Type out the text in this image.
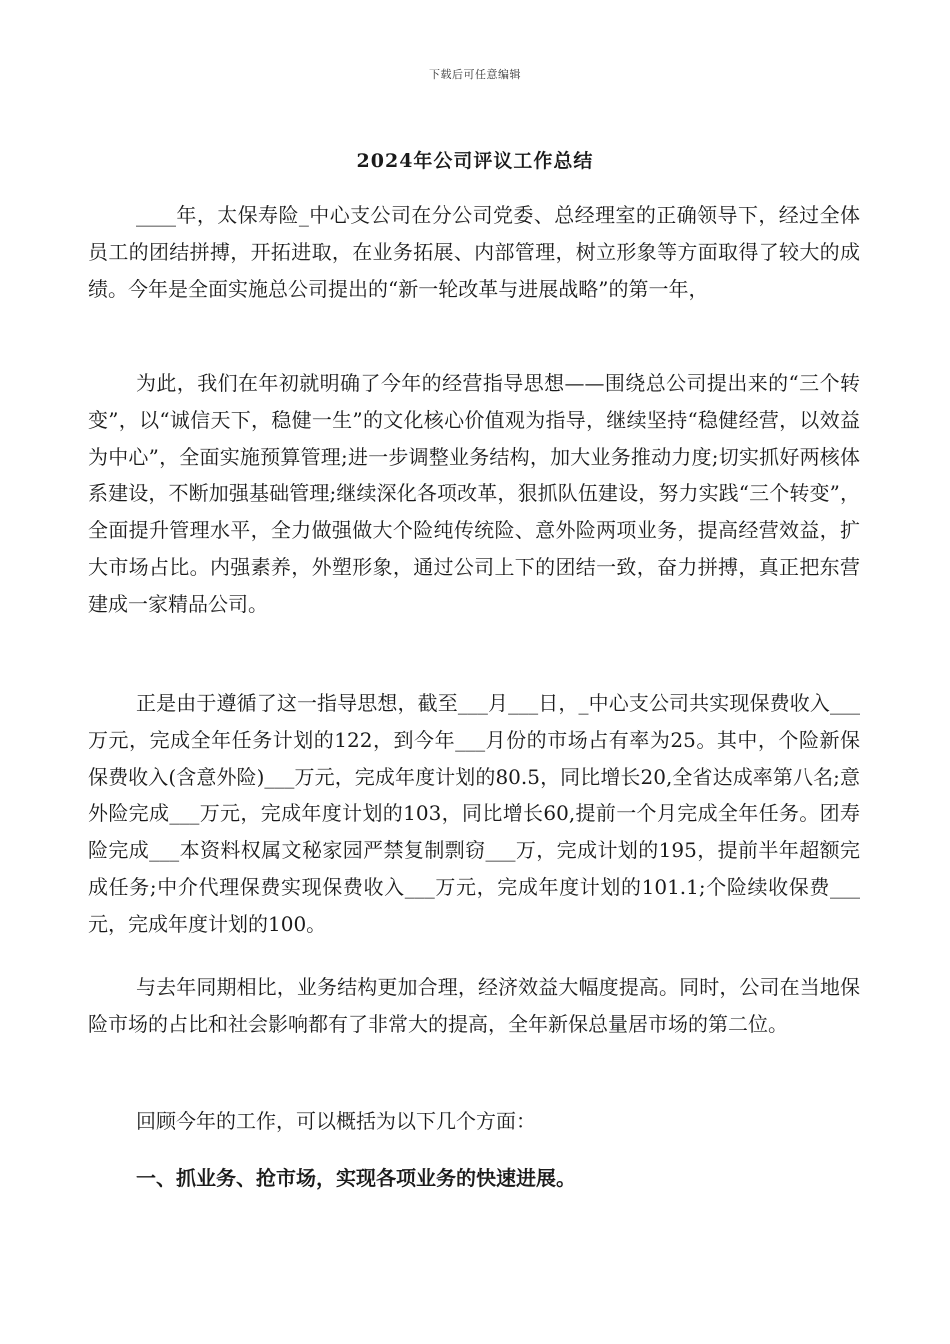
下载后可任意编辑
2024年公司评议工作总结

____年，太保寿险_中心支公司在分公司党委、总经理室的正确领导下，经过全体员工的团结拼搏，开拓进取，在业务拓展、内部管理，树立形象等方面取得了较大的成绩。今年是全面实施总公司提出的“新一轮改革与进展战略”的第一年，

为此，我们在年初就明确了今年的经营指导思想——围绕总公司提出来的“三个转变”，以“诚信天下，稳健一生”的文化核心价值观为指导，继续坚持“稳健经营，以效益为中心”，全面实施预算管理;进一步调整业务结构，加大业务推动力度;切实抓好两核体系建设，不断加强基础管理;继续深化各项改革，狠抓队伍建设，努力实践“三个转变”，全面提升管理水平，全力做强做大个险纯传统险、意外险两项业务，提高经营效益，扩大市场占比。内强素养，外塑形象，通过公司上下的团结一致，奋力拼搏，真正把东营建成一家精品公司。

正是由于遵循了这一指导思想，截至___月___日，_中心支公司共实现保费收入___万元，完成全年任务计划的122，到今年___月份的市场占有率为25。其中，个险新保保费收入(含意外险)___万元，完成年度计划的80.5，同比增长20,全省达成率第八名;意外险完成___万元，完成年度计划的103，同比增长60,提前一个月完成全年任务。团寿险完成___本资料权属文秘家园严禁复制剽窃___万，完成计划的195，提前半年超额完成任务;中介代理保费实现保费收入___万元，完成年度计划的101.1;个险续收保费___元，完成年度计划的100。

与去年同期相比，业务结构更加合理，经济效益大幅度提高。同时，公司在当地保险市场的占比和社会影响都有了非常大的提高，全年新保总量居市场的第二位。

回顾今年的工作，可以概括为以下几个方面：

一、抓业务、抢市场，实现各项业务的快速进展。
